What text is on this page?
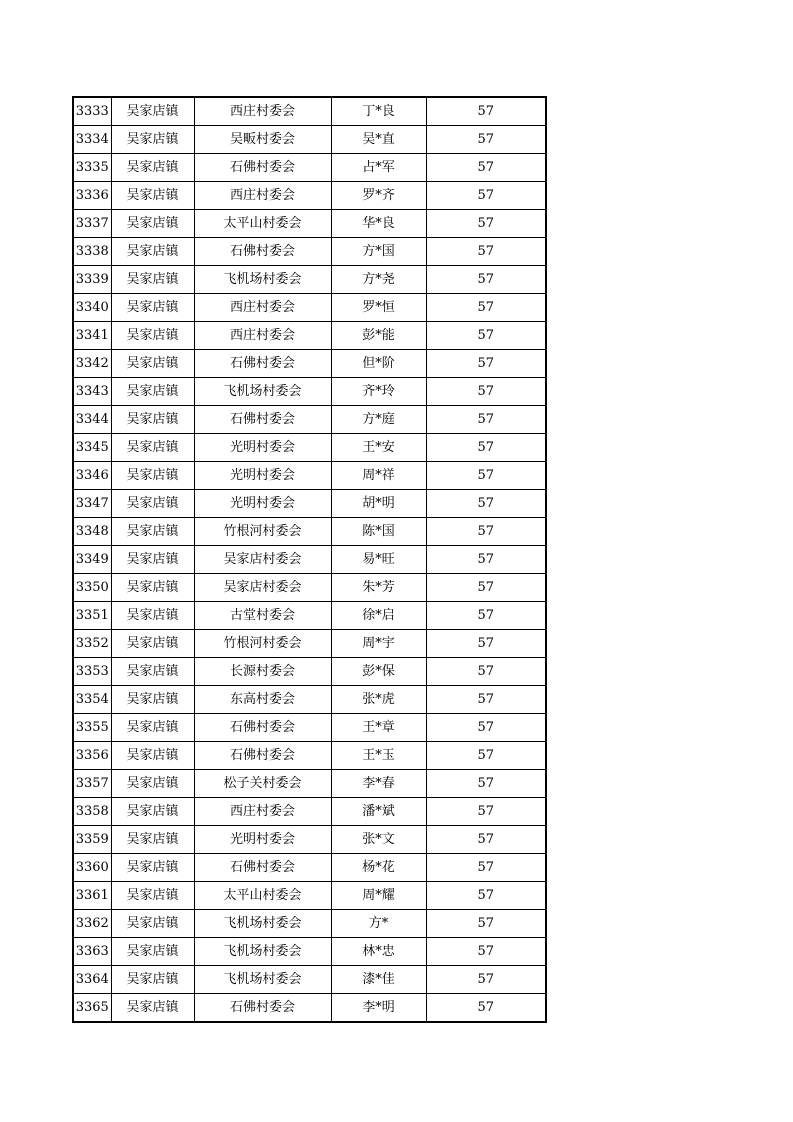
3333	吴家店镇	西庄村委会	丁*良	57
3334	吴家店镇	吴畈村委会	吴*直	57
3335	吴家店镇	石佛村委会	占*军	57
3336	吴家店镇	西庄村委会	罗*齐	57
3337	吴家店镇	太平山村委会	华*良	57
3338	吴家店镇	石佛村委会	方*国	57
3339	吴家店镇	飞机场村委会	方*尧	57
3340	吴家店镇	西庄村委会	罗*恒	57
3341	吴家店镇	西庄村委会	彭*能	57
3342	吴家店镇	石佛村委会	但*阶	57
3343	吴家店镇	飞机场村委会	齐*玲	57
3344	吴家店镇	石佛村委会	方*庭	57
3345	吴家店镇	光明村委会	王*安	57
3346	吴家店镇	光明村委会	周*祥	57
3347	吴家店镇	光明村委会	胡*明	57
3348	吴家店镇	竹根河村委会	陈*国	57
3349	吴家店镇	吴家店村委会	易*旺	57
3350	吴家店镇	吴家店村委会	朱*芳	57
3351	吴家店镇	古堂村委会	徐*启	57
3352	吴家店镇	竹根河村委会	周*宇	57
3353	吴家店镇	长源村委会	彭*保	57
3354	吴家店镇	东高村委会	张*虎	57
3355	吴家店镇	石佛村委会	王*章	57
3356	吴家店镇	石佛村委会	王*玉	57
3357	吴家店镇	松子关村委会	李*春	57
3358	吴家店镇	西庄村委会	潘*斌	57
3359	吴家店镇	光明村委会	张*文	57
3360	吴家店镇	石佛村委会	杨*花	57
3361	吴家店镇	太平山村委会	周*耀	57
3362	吴家店镇	飞机场村委会	方*	57
3363	吴家店镇	飞机场村委会	林*忠	57
3364	吴家店镇	飞机场村委会	漆*佳	57
3365	吴家店镇	石佛村委会	李*明	57
